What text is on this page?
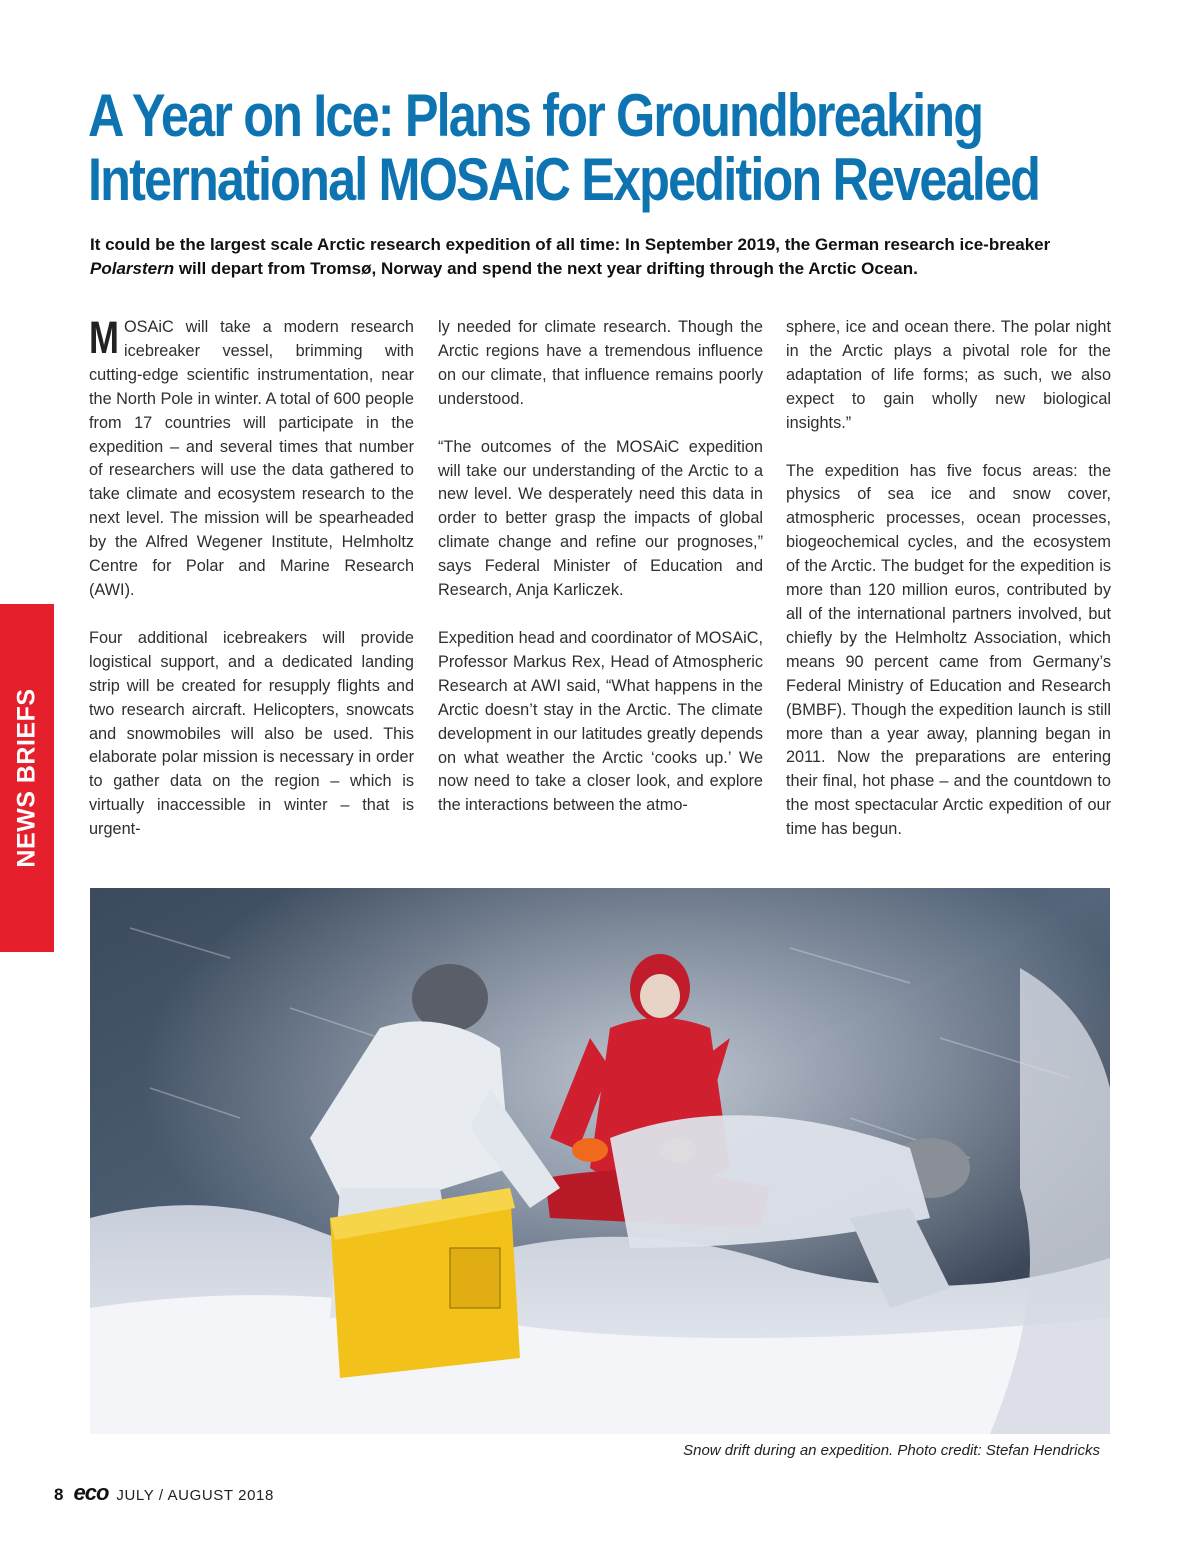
A Year on Ice: Plans for Groundbreaking
International MOSAiC Expedition Revealed

It could be the largest scale Arctic research expedition of all time: In September 2019, the German research ice-breaker Polarstern will depart from Tromsø, Norway and spend the next year drifting through the Arctic Ocean.

M OSAiC will take a modern research icebreaker vessel, brimming with cutting-edge scientific instrumentation, near the North Pole in winter. A total of 600 people from 17 countries will participate in the expedition – and several times that number of researchers will use the data gathered to take climate and ecosystem research to the next level. The mission will be spearheaded by the Alfred Wegener Institute, Helmholtz Centre for Polar and Marine Research (AWI).

Four additional icebreakers will provide logistical support, and a dedicated landing strip will be created for resupply flights and two research aircraft. Helicopters, snowcats and snowmobiles will also be used. This elaborate polar mission is necessary in order to gather data on the region – which is virtually inaccessible in winter – that is urgent-

ly needed for climate research. Though the Arctic regions have a tremendous influence on our climate, that influence remains poorly understood.

“The outcomes of the MOSAiC expedition will take our understanding of the Arctic to a new level. We desperately need this data in order to better grasp the impacts of global climate change and refine our prognoses,” says Federal Minister of Education and Research, Anja Karliczek.

Expedition head and coordinator of MOSAiC, Professor Markus Rex, Head of Atmospheric Research at AWI said, “What happens in the Arctic doesn’t stay in the Arctic. The climate development in our latitudes greatly depends on what weather the Arctic ‘cooks up.’ We now need to take a closer look, and explore the interactions between the atmo-

sphere, ice and ocean there. The polar night in the Arctic plays a pivotal role for the adaptation of life forms; as such, we also expect to gain wholly new biological insights.”

The expedition has five focus areas: the physics of sea ice and snow cover, atmospheric processes, ocean processes, biogeochemical cycles, and the ecosystem of the Arctic. The budget for the expedition is more than 120 million euros, contributed by all of the international partners involved, but chiefly by the Helmholtz Association, which means 90 percent came from Germany’s Federal Ministry of Education and Research (BMBF). Though the expedition launch is still more than a year away, planning began in 2011. Now the preparations are entering their final, hot phase – and the countdown to the most spectacular Arctic expedition of our time has begun.

NEWS BRIEFS
Snow drift during an expedition. Photo credit: Stefan Hendricks
8 eco JULY / AUGUST 2018
